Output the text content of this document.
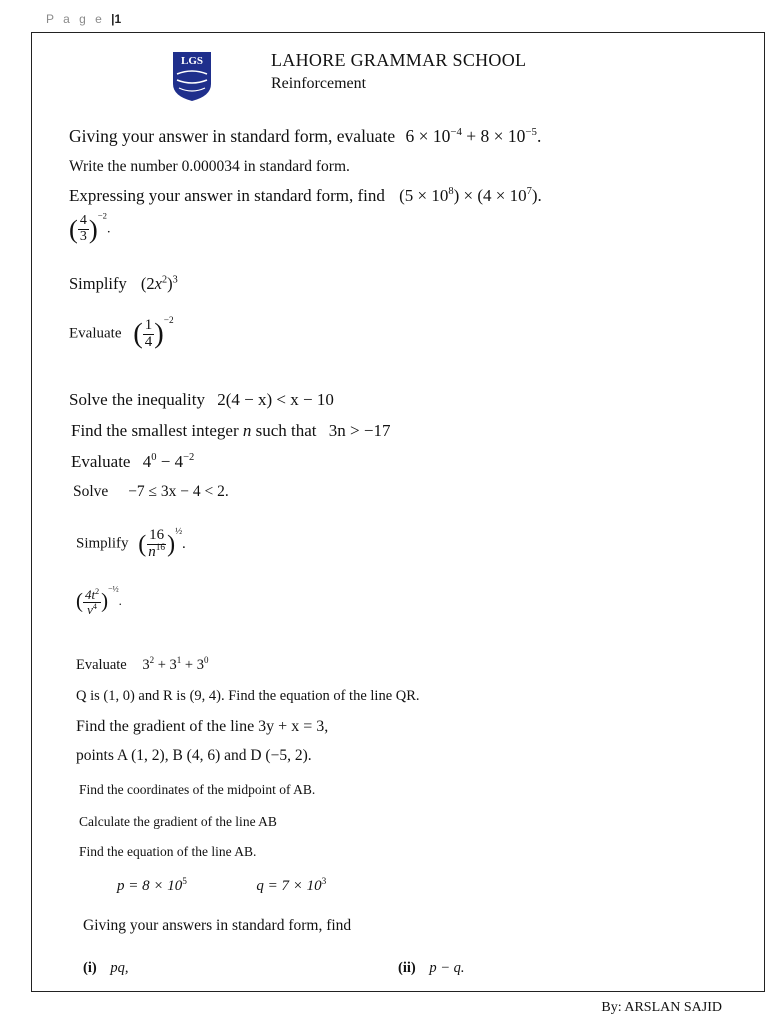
P a g e |1
LGS	LAHORE GRAMMAR SCHOOL
Reinforcement
Giving your answer in standard form, evaluate $6 \times 10^{-4} + 8 \times 10^{-5}$.
Write the number 0.000034 in standard form.
Expressing your answer in standard form, find $(5 \times 10^8) \times (4 \times 10^7)$.
( $\frac{4}{3} )^{-2}$.
Simplify $(2x^2)^3$
Evaluate ( $\frac{1}{4} )^{-2}$
Solve the inequality 2(4 − x) < x − 10
Find the smallest integer n such that 3n > −17
Evaluate $4^0 - 4^{-2}$
Solve −7 ≤ 3x − 4 < 2.
Simplify ( $\frac{16}{n^{16}} )^{\frac{1}{2}}$.
( $\frac{4t^2}{v^4} )^{-\frac{1}{2}}$.
Evaluate $3^2 + 3^1 + 3^0$
Q is (1, 0) and R is (9, 4). Find the equation of the line QR.
Find the gradient of the line 3y + x = 3,
points A (1, 2), B (4, 6) and D (−5, 2).
Find the coordinates of the midpoint of AB.
Calculate the gradient of the line AB
Find the equation of the line AB.
$p = 8 \times 10^5$	$q = 7 \times 10^3$
Giving your answers in standard form, find
(i) pq,	(ii) p − q.
By: ARSLAN SAJID
